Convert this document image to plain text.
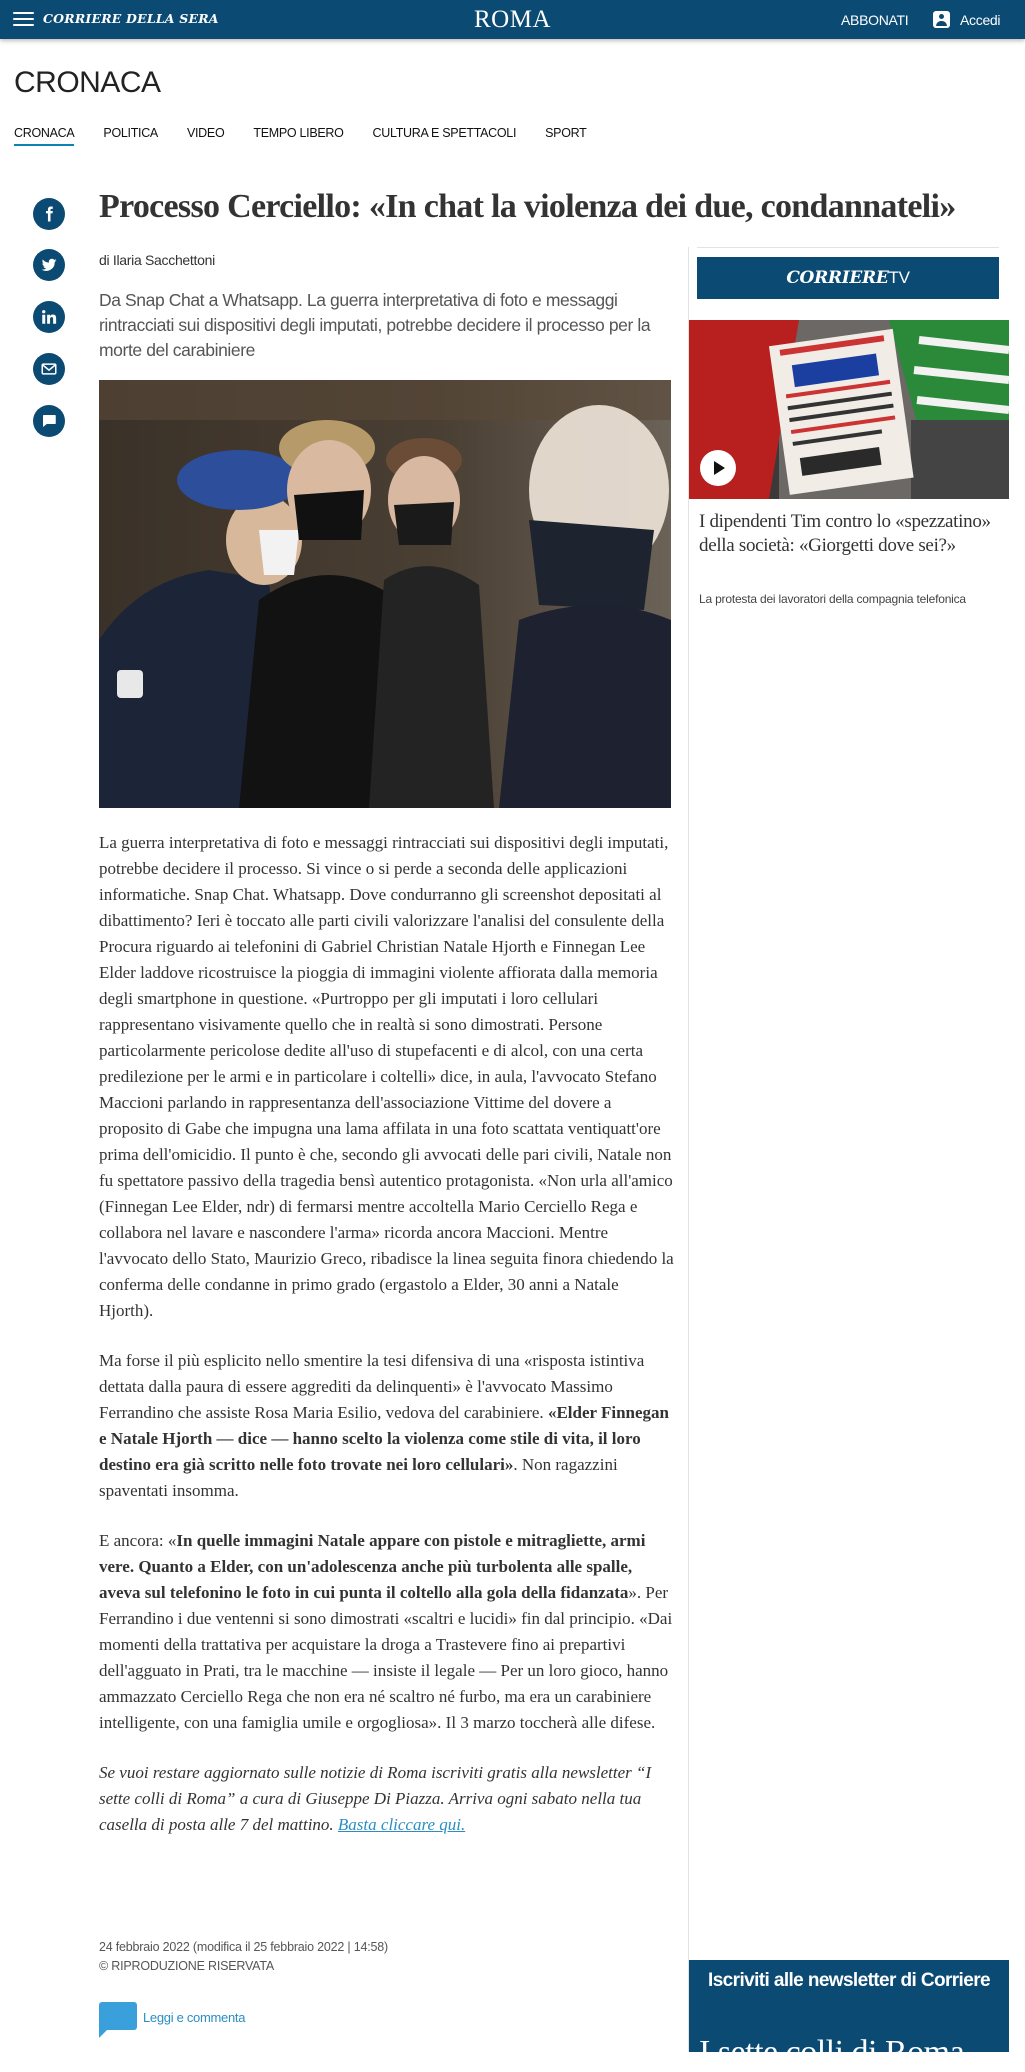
CORRIERE DELLA SERA	ROMA	ABBONATI	Accedi
CRONACA
CRONACA POLITICA VIDEO TEMPO LIBERO CULTURA E SPETTACOLI SPORT
Processo Cerciello: «In chat la violenza dei due, condannateli»
di Ilaria Sacchettoni
Da Snap Chat a Whatsapp. La guerra interpretativa di foto e messaggi rintracciati sui dispositivi degli imputati, potrebbe decidere il processo per la morte del carabiniere

La guerra interpretativa di foto e messaggi rintracciati sui dispositivi degli imputati, potrebbe decidere il processo. Si vince o si perde a seconda delle applicazioni informatiche. Snap Chat. Whatsapp. Dove condurranno gli screenshot depositati al dibattimento? Ieri è toccato alle parti civili valorizzare l'analisi del consulente della Procura riguardo ai telefonini di Gabriel Christian Natale Hjorth e Finnegan Lee Elder laddove ricostruisce la pioggia di immagini violente affiorata dalla memoria degli smartphone in questione. «Purtroppo per gli imputati i loro cellulari rappresentano visivamente quello che in realtà si sono dimostrati. Persone particolarmente pericolose dedite all'uso di stupefacenti e di alcol, con una certa predilezione per le armi e in particolare i coltelli» dice, in aula, l'avvocato Stefano Maccioni parlando in rappresentanza dell'associazione Vittime del dovere a proposito di Gabe che impugna una lama affilata in una foto scattata ventiquatt'ore prima dell'omicidio. Il punto è che, secondo gli avvocati delle pari civili, Natale non fu spettatore passivo della tragedia bensì autentico protagonista. «Non urla all'amico (Finnegan Lee Elder, ndr) di fermarsi mentre accoltella Mario Cerciello Rega e collabora nel lavare e nascondere l'arma» ricorda ancora Maccioni. Mentre l'avvocato dello Stato, Maurizio Greco, ribadisce la linea seguita finora chiedendo la conferma delle condanne in primo grado (ergastolo a Elder, 30 anni a Natale Hjorth).

Ma forse il più esplicito nello smentire la tesi difensiva di una «risposta istintiva dettata dalla paura di essere aggrediti da delinquenti» è l'avvocato Massimo Ferrandino che assiste Rosa Maria Esilio, vedova del carabiniere. «Elder Finnegan e Natale Hjorth — dice — hanno scelto la violenza come stile di vita, il loro destino era già scritto nelle foto trovate nei loro cellulari». Non ragazzini spaventati insomma.

E ancora: «In quelle immagini Natale appare con pistole e mitragliette, armi vere. Quanto a Elder, con un'adolescenza anche più turbolenta alle spalle, aveva sul telefonino le foto in cui punta il coltello alla gola della fidanzata». Per Ferrandino i due ventenni si sono dimostrati «scaltri e lucidi» fin dal principio. «Dai momenti della trattativa per acquistare la droga a Trastevere fino ai prepartivi dell'agguato in Prati, tra le macchine — insiste il legale — Per un loro gioco, hanno ammazzato Cerciello Rega che non era né scaltro né furbo, ma era un carabiniere intelligente, con una famiglia umile e orgogliosa». Il 3 marzo toccherà alle difese.

Se vuoi restare aggiornato sulle notizie di Roma iscriviti gratis alla newsletter “I sette colli di Roma” a cura di Giuseppe Di Piazza. Arriva ogni sabato nella tua casella di posta alle 7 del mattino. Basta cliccare qui.

24 febbraio 2022 (modifica il 25 febbraio 2022 | 14:58)
© RIPRODUZIONE RISERVATA
Leggi e commenta
CORRIERETV
I dipendenti Tim contro lo «spezzatino» della società: «Giorgetti dove sei?»
La protesta dei lavoratori della compagnia telefonica
Iscriviti alle newsletter di Corriere
I sette colli di Roma
